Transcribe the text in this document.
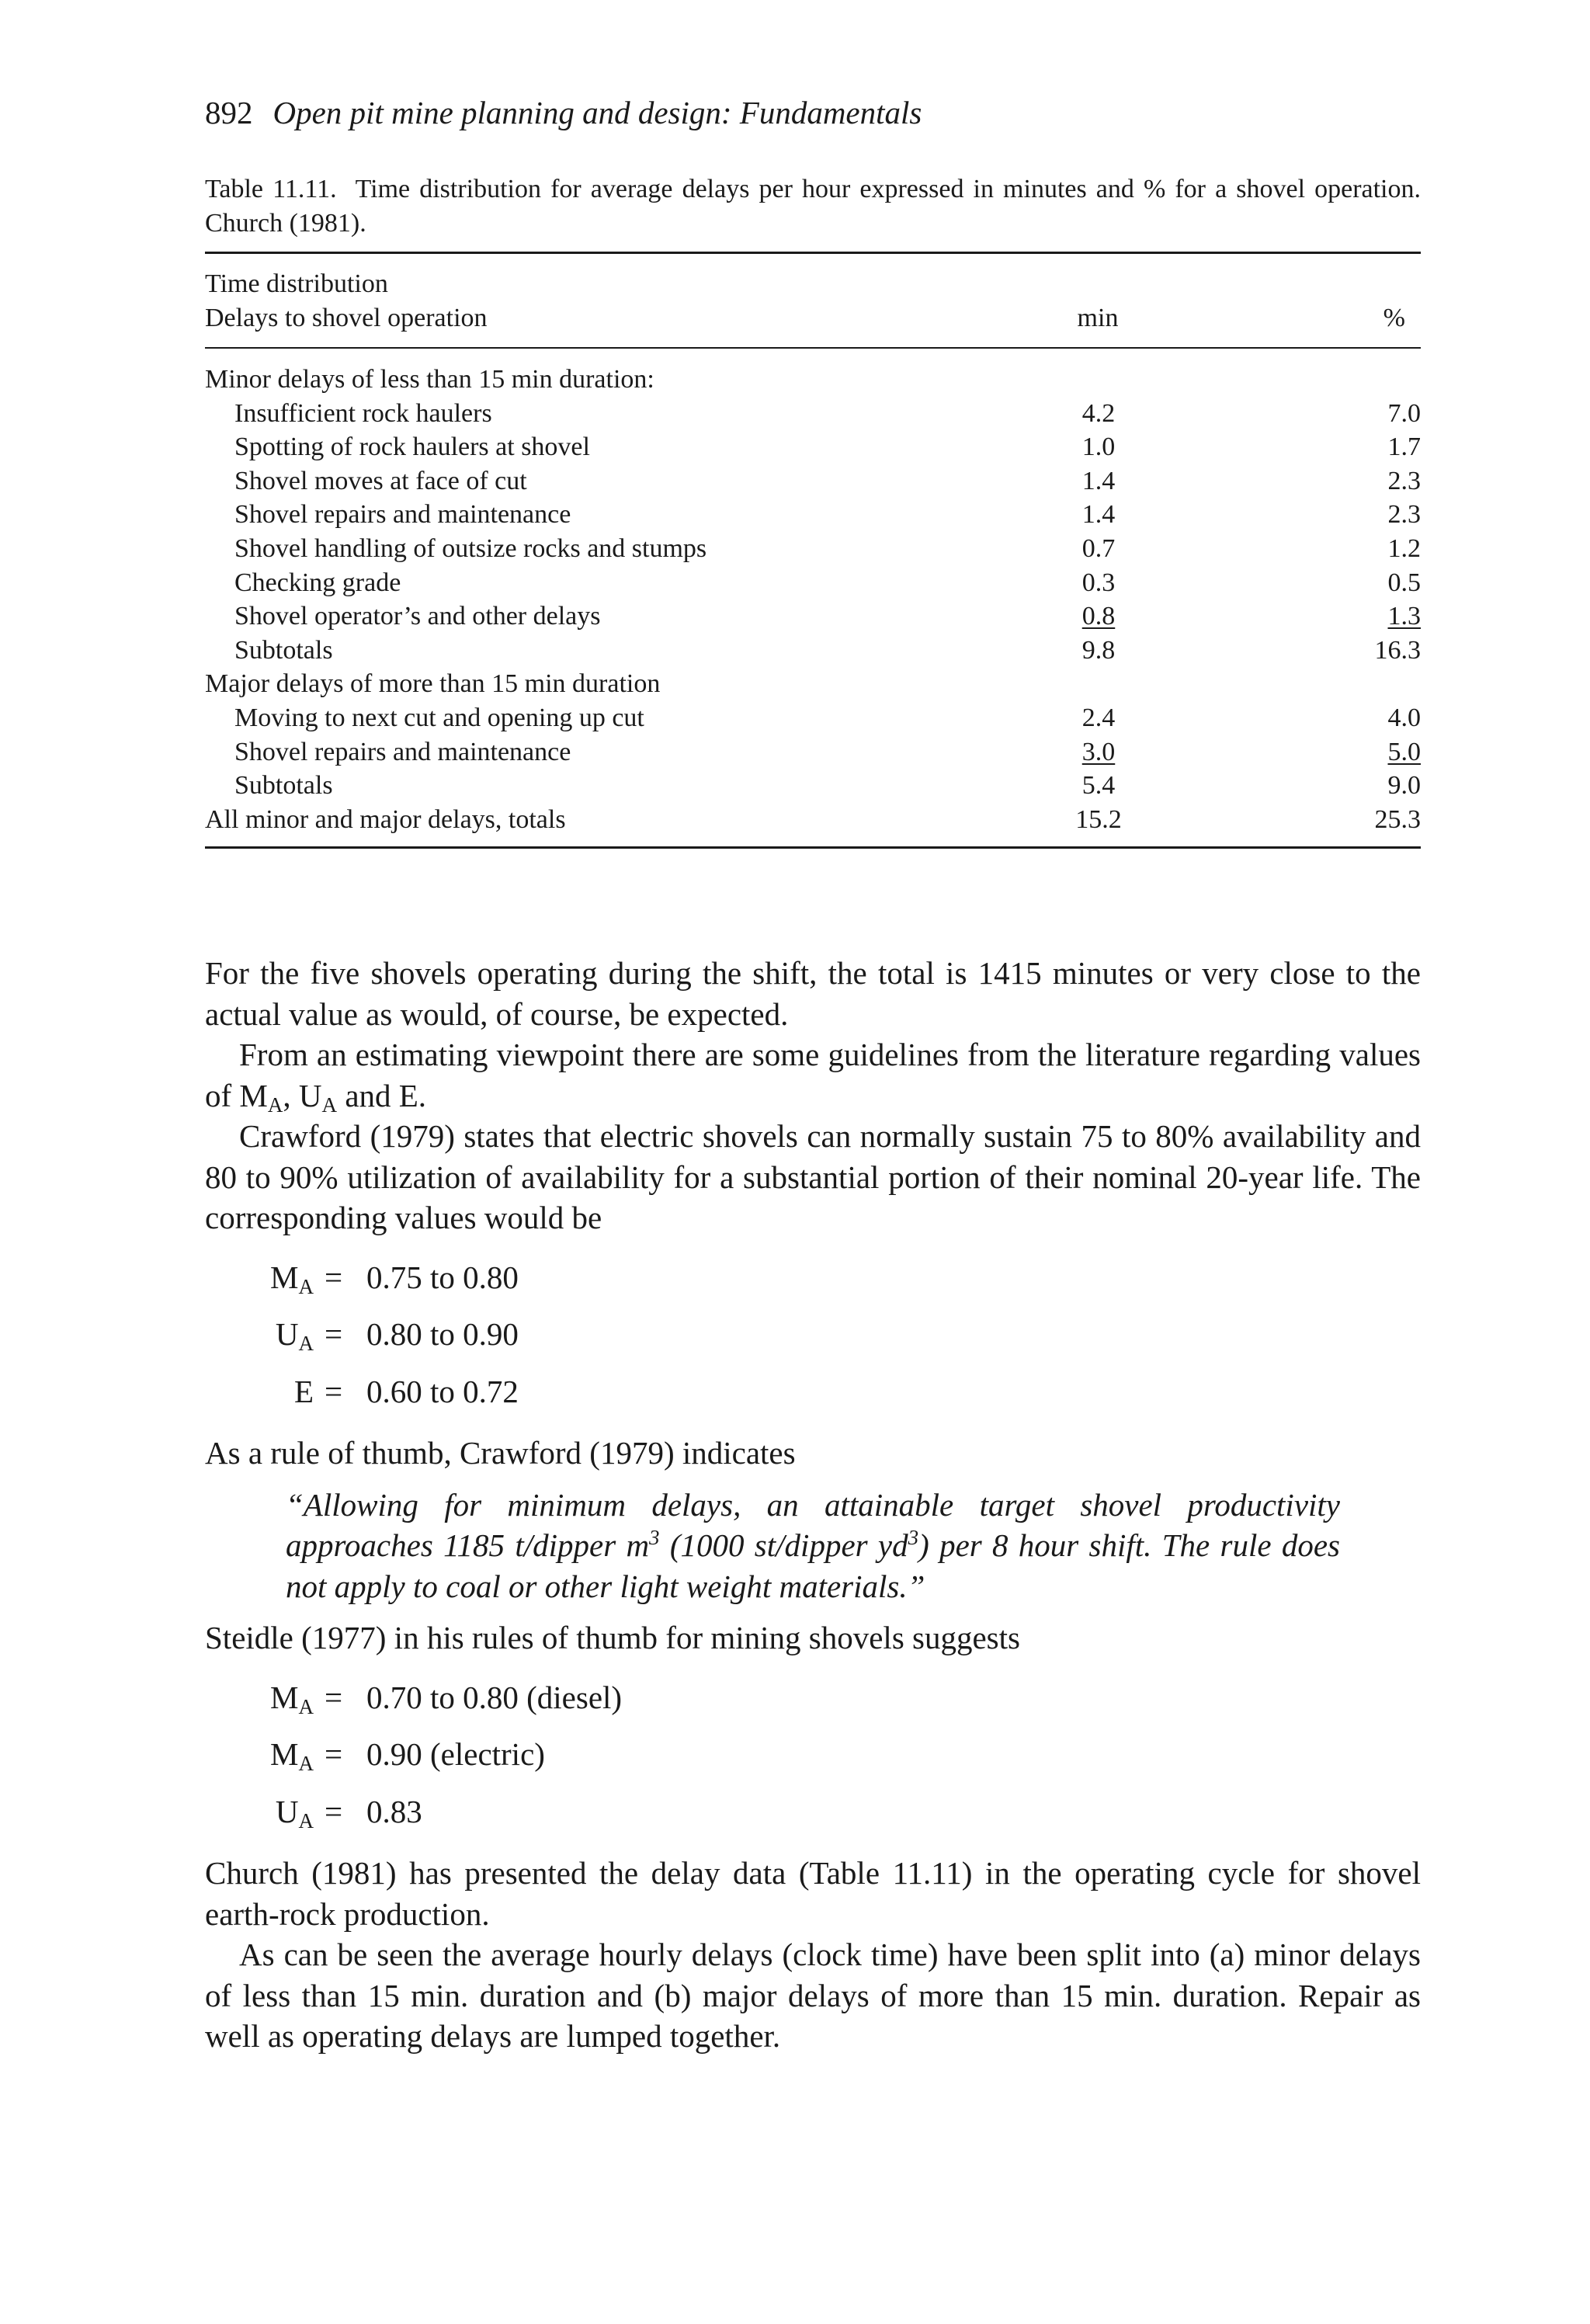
892 Open pit mine planning and design: Fundamentals
Table 11.11. Time distribution for average delays per hour expressed in minutes and % for a shovel operation. Church (1981).
Time distribution
Delays to shovel operation	min	%
Minor delays of less than 15 min duration:
Insufficient rock haulers	4.2	7.0
Spotting of rock haulers at shovel	1.0	1.7
Shovel moves at face of cut	1.4	2.3
Shovel repairs and maintenance	1.4	2.3
Shovel handling of outsize rocks and stumps	0.7	1.2
Checking grade	0.3	0.5
Shovel operator’s and other delays	0.8	1.3
Subtotals	9.8	16.3
Major delays of more than 15 min duration
Moving to next cut and opening up cut	2.4	4.0
Shovel repairs and maintenance	3.0	5.0
Subtotals	5.4	9.0
All minor and major delays, totals	15.2	25.3

For the five shovels operating during the shift, the total is 1415 minutes or very close to the actual value as would, of course, be expected.

From an estimating viewpoint there are some guidelines from the literature regarding values of $M_A$, $U_A$ and E.

Crawford (1979) states that electric shovels can normally sustain 75 to 80% availability and 80 to 90% utilization of availability for a substantial portion of their nominal 20-year life. The corresponding values would be

$M_A = 0.75$ to 0.80
$U_A = 0.80$ to 0.90
E = 0.60 to 0.72

As a rule of thumb, Crawford (1979) indicates

“Allowing for minimum delays, an attainable target shovel productivity approaches 1185 t/dipper $m^3$ (1000 st/dipper $yd^3$) per 8 hour shift. The rule does not apply to coal or other light weight materials.”

Steidle (1977) in his rules of thumb for mining shovels suggests

$M_A = 0.70$ to 0.80 (diesel)
$M_A = 0.90$ (electric)
$U_A = 0.83$

Church (1981) has presented the delay data (Table 11.11) in the operating cycle for shovel earth-rock production.

As can be seen the average hourly delays (clock time) have been split into (a) minor delays of less than 15 min. duration and (b) major delays of more than 15 min. duration. Repair as well as operating delays are lumped together.
